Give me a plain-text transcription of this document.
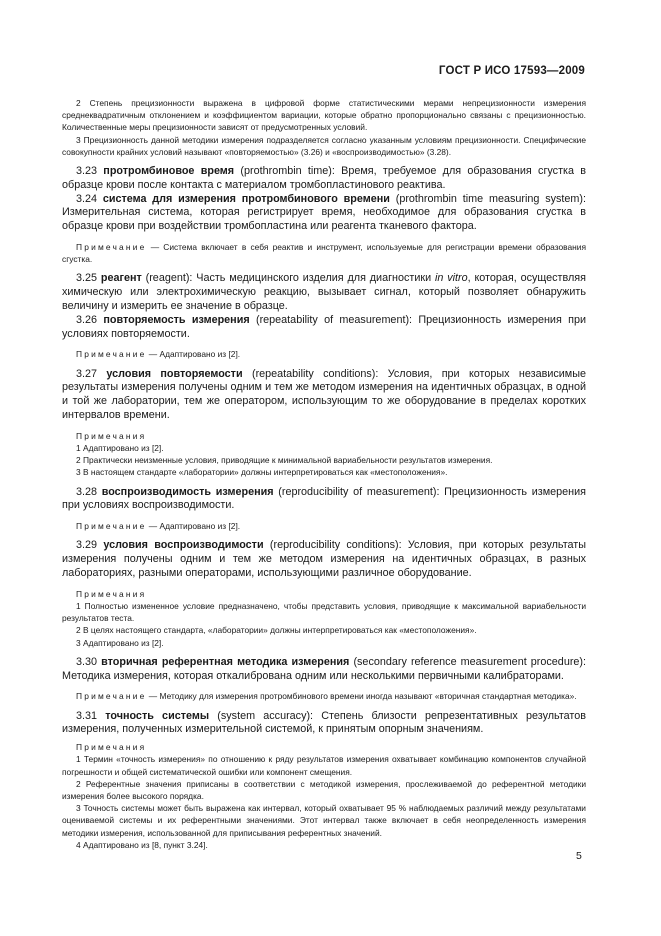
ГОСТ Р ИСО 17593—2009

2 Степень прецизионности выражена в цифровой форме статистическими мерами непрецизионности измерения среднеквадратичным отклонением и коэффициентом вариации, которые обратно пропорционально связаны с прецизионностью. Количественные меры прецизионности зависят от предусмотренных условий.

3 Прецизионность данной методики измерения подразделяется согласно указанным условиям прецизионности. Специфические совокупности крайних условий называют «повторяемостью» (3.26) и «воспроизводимостью» (3.28).

3.23 протромбиновое время (prothrombin time): Время, требуемое для образования сгустка в образце крови после контакта с материалом тромбопластинового реактива.

3.24 система для измерения протромбинового времени (prothrombin time measuring system): Измерительная система, которая регистрирует время, необходимое для образования сгустка в образце крови при воздействии тромбопластина или реагента тканевого фактора.

Примечание — Система включает в себя реактив и инструмент, используемые для регистрации времени образования сгустка.

3.25 реагент (reagent): Часть медицинского изделия для диагностики in vitro, которая, осуществляя химическую или электрохимическую реакцию, вызывает сигнал, который позволяет обнаружить величину и измерить ее значение в образце.

3.26 повторяемость измерения (repeatability of measurement): Прецизионность измерения при условиях повторяемости.

Примечание — Адаптировано из [2].

3.27 условия повторяемости (repeatability conditions): Условия, при которых независимые результаты измерения получены одним и тем же методом измерения на идентичных образцах, в одной и той же лаборатории, тем же оператором, использующим то же оборудование в пределах коротких интервалов времени.

Примечания

1 Адаптировано из [2].

2 Практически неизменные условия, приводящие к минимальной вариабельности результатов измерения.

3 В настоящем стандарте «лаборатории» должны интерпретироваться как «местоположения».

3.28 воспроизводимость измерения (reproducibility of measurement): Прецизионность измерения при условиях воспроизводимости.

Примечание — Адаптировано из [2].

3.29 условия воспроизводимости (reproducibility conditions): Условия, при которых результаты измерения получены одним и тем же методом измерения на идентичных образцах, в разных лабораториях, разными операторами, использующими различное оборудование.

Примечания

1 Полностью измененное условие предназначено, чтобы представить условия, приводящие к максимальной вариабельности результатов теста.

2 В целях настоящего стандарта, «лаборатории» должны интерпретироваться как «местоположения».

3 Адаптировано из [2].

3.30 вторичная референтная методика измерения (secondary reference measurement procedure): Методика измерения, которая откалибрована одним или несколькими первичными калибраторами.

Примечание — Методику для измерения протромбинового времени иногда называют «вторичная стандартная методика».

3.31 точность системы (system accuracy): Степень близости репрезентативных результатов измерения, полученных измерительной системой, к принятым опорным значениям.

Примечания

1 Термин «точность измерения» по отношению к ряду результатов измерения охватывает комбинацию компонентов случайной погрешности и общей систематической ошибки или компонент смещения.

2 Референтные значения приписаны в соответствии с методикой измерения, прослеживаемой до референтной методики измерения более высокого порядка.

3 Точность системы может быть выражена как интервал, который охватывает 95 % наблюдаемых различий между результатами оцениваемой системы и их референтными значениями. Этот интервал также включает в себя неопределенность измерения методики измерения, использованной для приписывания референтных значений.

4 Адаптировано из [8, пункт 3.24].

5
